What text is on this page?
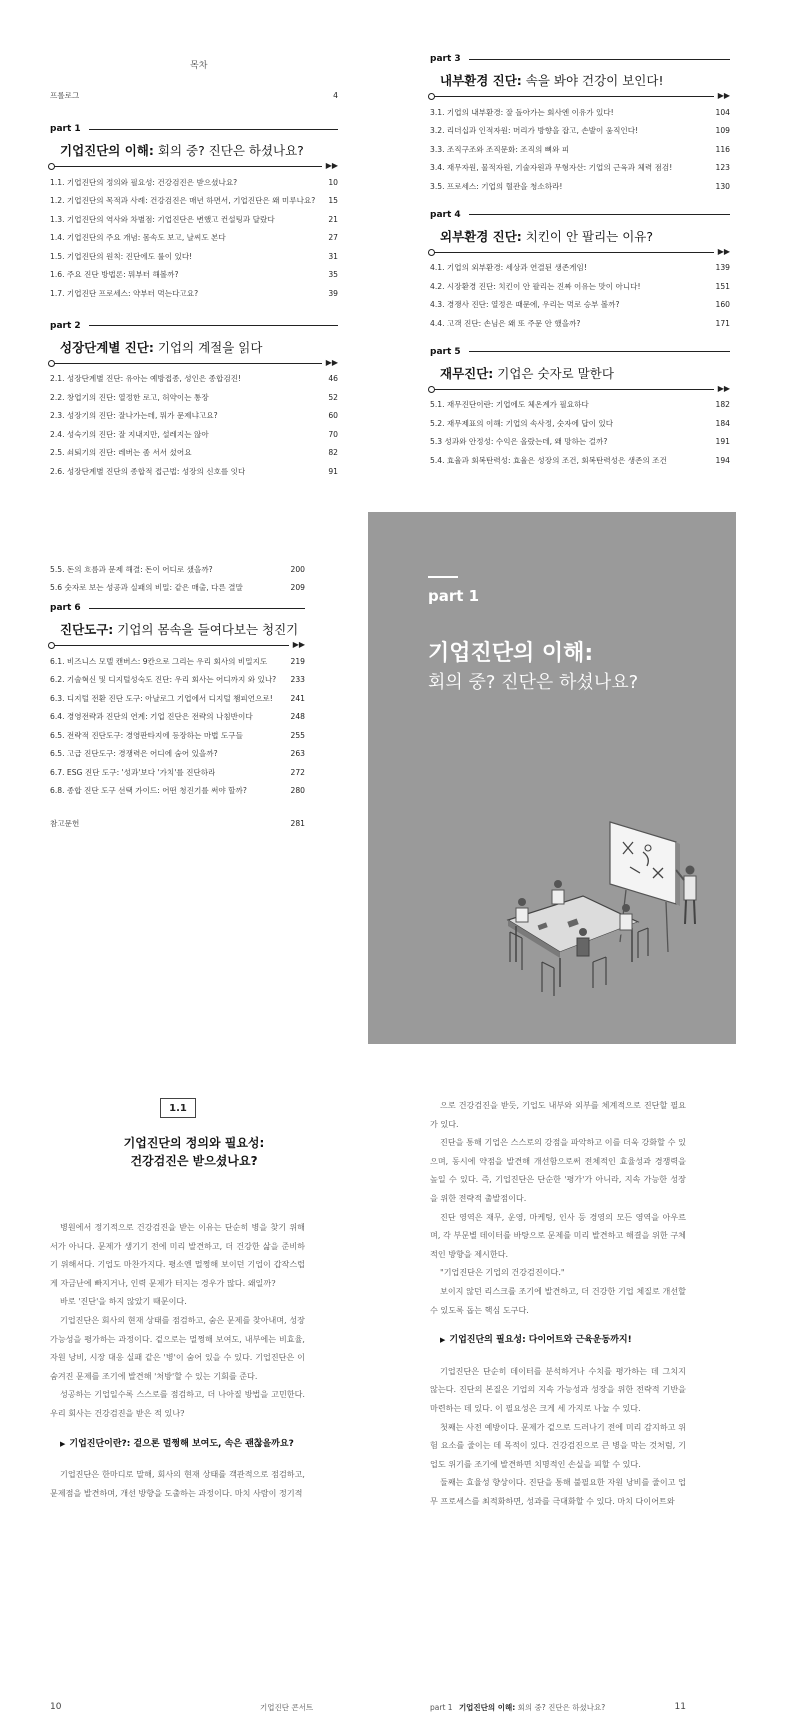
목차
프롤로그	4
part 1
기업진단의 이해: 회의 중? 진단은 하셨나요?
▶▶
1.1. 기업진단의 정의와 필요성: 건강검진은 받으셨나요?	10
1.2. 기업진단의 목적과 사례: 건강검진은 매년 하면서, 기업진단은 왜 미루나요? 15
1.3. 기업진단의 역사와 차별점: 기업진단은 변했고 컨설팅과 달랐다	21
1.4. 기업진단의 주요 개념: 몸속도 보고, 날씨도 본다	27
1.5. 기업진단의 원칙: 진단에도 룰이 있다!	31
1.6. 주요 진단 방법론: 뭐부터 해볼까?	35
1.7. 기업진단 프로세스: 약부터 먹는다고요?	39
part 2
성장단계별 진단: 기업의 계절을 읽다
▶▶
2.1. 성장단계별 진단: 유아는 예방접종, 성인은 종합검진!	46
2.2. 창업기의 진단: 열정한 로고, 허약이는 통장	52
2.3. 성장기의 진단: 잘나가는데, 뭐가 문제냐고요?	60
2.4. 성숙기의 진단: 잘 지내지만, 설레지는 않아	70
2.5. 쇠퇴기의 진단: 레버는 좀 서서 섰어요	82
2.6. 성장단계별 진단의 종합적 접근법: 성장의 신호를 잇다	91
part 3
내부환경 진단: 속을 봐야 건강이 보인다!
▶▶
3.1. 기업의 내부환경: 잘 돌아가는 회사엔 이유가 있다!	104
3.2. 리더십과 인적자원: 머리가 방향을 잡고, 손발이 움직인다!	109
3.3. 조직구조와 조직문화: 조직의 뼈와 피	116
3.4. 재무자원, 물적자원, 기술자원과 무형자산: 기업의 근육과 체력 점검!	123
3.5. 프로세스: 기업의 혈관을 청소하라!	130
part 4
외부환경 진단: 치킨이 안 팔리는 이유?
▶▶
4.1. 기업의 외부환경: 세상과 연결된 생존게임!	139
4.2. 시장환경 진단: 치킨이 안 팔리는 진짜 이유는 맛이 아니다!	151
4.3. 경쟁사 진단: 열정은 때문에, 우리는 먹로 승부 볼까?	160
4.4. 고객 진단: 손님은 왜 또 주문 안 했을까?	171
part 5
재무진단: 기업은 숫자로 말한다
▶▶
5.1. 재무진단이란: 기업에도 체온계가 필요하다	182
5.2. 재무제표의 이해: 기업의 속사정, 숫자에 답이 있다	184
5.3 성과와 안정성: 수익은 올랐는데, 왜 망하는 걸까?	191
5.4. 효율과 회복탄력성: 효율은 성장의 조건, 회복탄력성은 생존의 조건	194
5.5. 돈의 흐름과 문제 해결: 돈이 어디로 샜을까?	200
5.6 숫자로 보는 성공과 실패의 비밀: 같은 매출, 다른 결말	209
part 6
진단도구: 기업의 몸속을 들여다보는 청진기
▶▶
6.1. 비즈니스 모델 캔버스: 9칸으로 그리는 우리 회사의 비밀지도	219
6.2. 기술혁신 및 디지털성숙도 진단: 우리 회사는 어디까지 와 있나? 233
6.3. 디지털 전환 진단 도구: 아날로그 기업에서 디지털 챔피언으로! 241
6.4. 경영전략과 진단의 연계: 기업 진단은 전략의 나침반이다	248
6.5. 전략적 진단도구: 경영판타지에 등장하는 마법 도구들	255
6.5. 고급 진단도구: 경쟁력은 어디에 숨어 있을까?	263
6.7. ESG 진단 도구: '성과'보다 '가치'를 진단하라	272
6.8. 종합 진단 도구 선택 가이드: 어떤 청진기를 써야 할까?	280
참고문헌	281
part 1
기업진단의 이해:
회의 중? 진단은 하셨나요?
1.1
기업진단의 정의와 필요성:
건강검진은 받으셨나요?

병원에서 정기적으로 건강검진을 받는 이유는 단순히 병을 찾기 위해서가 아니다. 문제가 생기기 전에 미리 발견하고, 더 건강한 삶을 준비하기 위해서다. 기업도 마찬가지다. 평소엔 멀쩡해 보이던 기업이 갑작스럽게 자금난에 빠지거나, 인력 문제가 터지는 경우가 많다. 왜일까?

바로 '진단'을 하지 않았기 때문이다.

기업진단은 회사의 현재 상태를 점검하고, 숨은 문제를 찾아내며, 성장 가능성을 평가하는 과정이다. 겉으로는 멀쩡해 보여도, 내부에는 비효율, 자원 낭비, 시장 대응 실패 같은 '병'이 숨어 있을 수 있다. 기업진단은 이 숨겨진 문제를 조기에 발견해 '처방'할 수 있는 기회를 준다.

성공하는 기업일수록 스스로를 점검하고, 더 나아질 방법을 고민한다. 우리 회사는 건강검진을 받은 적 있나?

▶ 기업진단이란?: 겉으론 멀쩡해 보여도, 속은 괜찮을까요?

기업진단은 한마디로 말해, 회사의 현재 상태를 객관적으로 점검하고, 문제점을 발견하며, 개선 방향을 도출하는 과정이다. 마치 사람이 정기적

10	기업진단 콘서트

으로 건강검진을 받듯, 기업도 내부와 외부를 체계적으로 진단할 필요가 있다.

진단을 통해 기업은 스스로의 강점을 파악하고 이를 더욱 강화할 수 있으며, 동시에 약점을 발견해 개선함으로써 전체적인 효율성과 경쟁력을 높일 수 있다. 즉, 기업진단은 단순한 '평가'가 아니라, 지속 가능한 성장을 위한 전략적 출발점이다.

진단 영역은 재무, 운영, 마케팅, 인사 등 경영의 모든 영역을 아우르며, 각 부문별 데이터를 바탕으로 문제를 미리 발견하고 해결을 위한 구체적인 방향을 제시한다.

"기업진단은 기업의 건강검진이다."

보이지 않던 리스크를 조기에 발견하고, 더 건강한 기업 체질로 개선할 수 있도록 돕는 핵심 도구다.

▶ 기업진단의 필요성: 다이어트와 근육운동까지!

기업진단은 단순히 데이터를 분석하거나 수치를 평가하는 데 그치지 않는다. 진단의 본질은 기업의 지속 가능성과 성장을 위한 전략적 기반을 마련하는 데 있다. 이 필요성은 크게 세 가지로 나눌 수 있다.

첫째는 사전 예방이다. 문제가 겉으로 드러나기 전에 미리 감지하고 위험 요소를 줄이는 데 목적이 있다. 건강검진으로 큰 병을 막는 것처럼, 기업도 위기를 조기에 발견하면 치명적인 손실을 피할 수 있다.

둘째는 효율성 향상이다. 진단을 통해 불필요한 자원 낭비를 줄이고 업무 프로세스를 최적화하면, 성과를 극대화할 수 있다. 마치 다이어트와

part 1 기업진단의 이해: 회의 중? 진단은 하셨나요?	11
